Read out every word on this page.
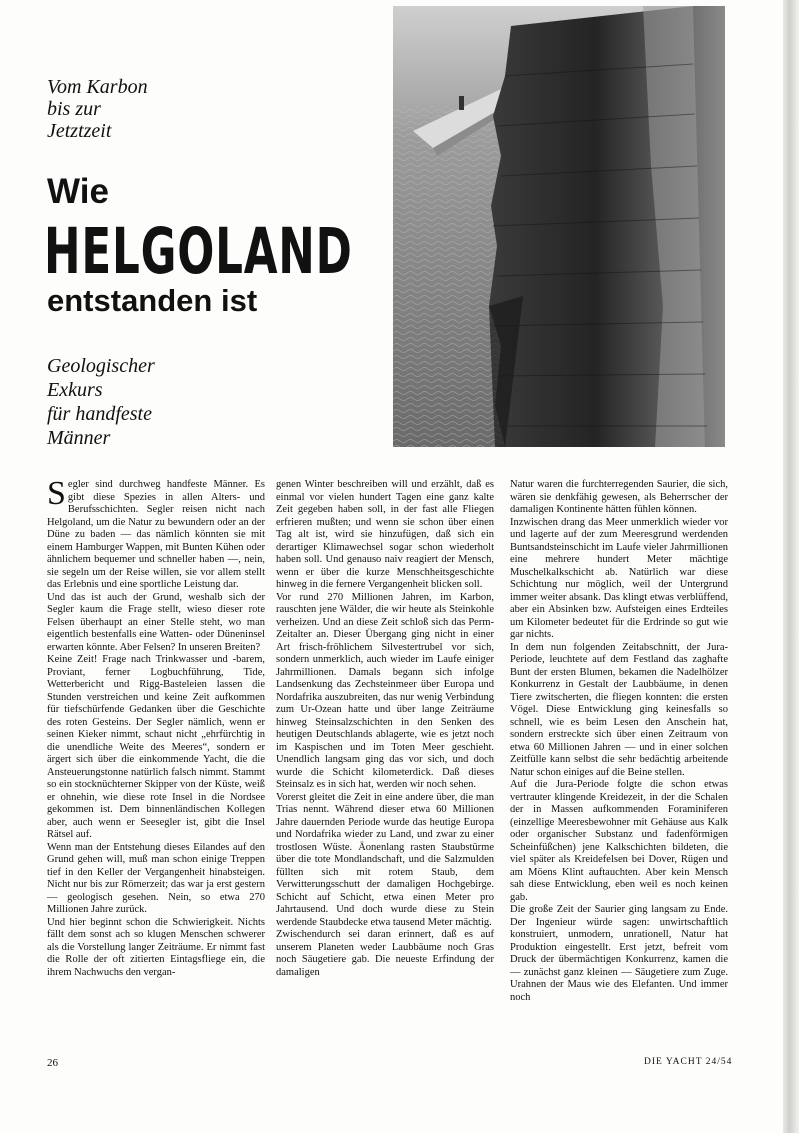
Vom Karbon
bis zur
Jetztzeit
Wie
HELGOLAND
entstanden ist
Geologischer
Exkurs
für handfeste
Männer

Segler sind durchweg handfeste Männer. Es gibt diese Spezies in allen Alters- und Berufsschichten. Segler reisen nicht nach Helgoland, um die Natur zu bewundern oder an der Düne zu baden — das nämlich könnten sie mit einem Hamburger Wappen, mit Bunten Kühen oder ähnlichem bequemer und schneller haben —, nein, sie segeln um der Reise willen, sie vor allem stellt das Erlebnis und eine sportliche Leistung dar.

Und das ist auch der Grund, weshalb sich der Segler kaum die Frage stellt, wieso dieser rote Felsen überhaupt an einer Stelle steht, wo man eigentlich bestenfalls eine Watten- oder Düneninsel erwarten könnte. Aber Felsen? In unseren Breiten?

Keine Zeit! Frage nach Trinkwasser und -barem, Proviant, ferner Logbuchführung, Tide, Wetterbericht und Rigg-Basteleien lassen die Stunden verstreichen und keine Zeit aufkommen für tiefschürfende Gedanken über die Geschichte des roten Gesteins. Der Segler nämlich, wenn er seinen Kieker nimmt, schaut nicht „ehrfürchtig in die unendliche Weite des Meeres“, sondern er ärgert sich über die einkommende Yacht, die die Ansteuerungstonne natürlich falsch nimmt. Stammt so ein stocknüchterner Skipper von der Küste, weiß er ohnehin, wie diese rote Insel in die Nordsee gekommen ist. Dem binnenländischen Kollegen aber, auch wenn er Seesegler ist, gibt die Insel Rätsel auf.

Wenn man der Entstehung dieses Eilandes auf den Grund gehen will, muß man schon einige Treppen tief in den Keller der Vergangenheit hinabsteigen. Nicht nur bis zur Römerzeit; das war ja erst gestern — geologisch gesehen. Nein, so etwa 270 Millionen Jahre zurück.

Und hier beginnt schon die Schwierigkeit. Nichts fällt dem sonst ach so klugen Menschen schwerer als die Vorstellung langer Zeiträume. Er nimmt fast die Rolle der oft zitierten Eintagsfliege ein, die ihrem Nachwuchs den vergan-

genen Winter beschreiben will und erzählt, daß es einmal vor vielen hundert Tagen eine ganz kalte Zeit gegeben haben soll, in der fast alle Fliegen erfrieren mußten; und wenn sie schon über einen Tag alt ist, wird sie hinzufügen, daß sich ein derartiger Klimawechsel sogar schon wiederholt haben soll. Und genauso naiv reagiert der Mensch, wenn er über die kurze Menschheitsgeschichte hinweg in die fernere Vergangenheit blicken soll.

Vor rund 270 Millionen Jahren, im Karbon, rauschten jene Wälder, die wir heute als Steinkohle verheizen. Und an diese Zeit schloß sich das Perm-Zeitalter an. Dieser Übergang ging nicht in einer Art frisch-fröhlichem Silvestertrubel vor sich, sondern unmerklich, auch wieder im Laufe einiger Jahrmillionen. Damals begann sich infolge Landsenkung das Zechsteinmeer über Europa und Nordafrika auszubreiten, das nur wenig Verbindung zum Ur-Ozean hatte und über lange Zeiträume hinweg Steinsalzschichten in den Senken des heutigen Deutschlands ablagerte, wie es jetzt noch im Kaspischen und im Toten Meer geschieht. Unendlich langsam ging das vor sich, und doch wurde die Schicht kilometerdick. Daß dieses Steinsalz es in sich hat, werden wir noch sehen.

Vorerst gleitet die Zeit in eine andere über, die man Trias nennt. Während dieser etwa 60 Millionen Jahre dauernden Periode wurde das heutige Europa und Nordafrika wieder zu Land, und zwar zu einer trostlosen Wüste. Äonenlang rasten Staubstürme über die tote Mondlandschaft, und die Salzmulden füllten sich mit rotem Staub, dem Verwitterungsschutt der damaligen Hochgebirge. Schicht auf Schicht, etwa einen Meter pro Jahrtausend. Und doch wurde diese zu Stein werdende Staubdecke etwa tausend Meter mächtig.

Zwischendurch sei daran erinnert, daß es auf unserem Planeten weder Laubbäume noch Gras noch Säugetiere gab. Die neueste Erfindung der damaligen

Natur waren die furchterregenden Saurier, die sich, wären sie denkfähig gewesen, als Beherrscher der damaligen Kontinente hätten fühlen können.

Inzwischen drang das Meer unmerklich wieder vor und lagerte auf der zum Meeresgrund werdenden Buntsandsteinschicht im Laufe vieler Jahrmillionen eine mehrere hundert Meter mächtige Muschelkalkschicht ab. Natürlich war diese Schichtung nur möglich, weil der Untergrund immer weiter absank. Das klingt etwas verblüffend, aber ein Absinken bzw. Aufsteigen eines Erdteiles um Kilometer bedeutet für die Erdrinde so gut wie gar nichts.

In dem nun folgenden Zeitabschnitt, der Jura-Periode, leuchtete auf dem Festland das zaghafte Bunt der ersten Blumen, bekamen die Nadelhölzer Konkurrenz in Gestalt der Laubbäume, in denen Tiere zwitscherten, die fliegen konnten: die ersten Vögel. Diese Entwicklung ging keinesfalls so schnell, wie es beim Lesen den Anschein hat, sondern erstreckte sich über einen Zeitraum von etwa 60 Millionen Jahren — und in einer solchen Zeitfülle kann selbst die sehr bedächtig arbeitende Natur schon einiges auf die Beine stellen.

Auf die Jura-Periode folgte die schon etwas vertrauter klingende Kreidezeit, in der die Schalen der in Massen aufkommenden Foraminiferen (einzellige Meeresbewohner mit Gehäuse aus Kalk oder organischer Substanz und fadenförmigen Scheinfüßchen) jene Kalkschichten bildeten, die viel später als Kreidefelsen bei Dover, Rügen und am Möens Klint auftauchten. Aber kein Mensch sah diese Entwicklung, eben weil es noch keinen gab.

Die große Zeit der Saurier ging langsam zu Ende. Der Ingenieur würde sagen: unwirtschaftlich konstruiert, unmodern, unrationell, Natur hat Produktion eingestellt. Erst jetzt, befreit vom Druck der übermächtigen Konkurrenz, kamen die — zunächst ganz kleinen — Säugetiere zum Zuge. Urahnen der Maus wie des Elefanten. Und immer noch

26	DIE YACHT 24/54
